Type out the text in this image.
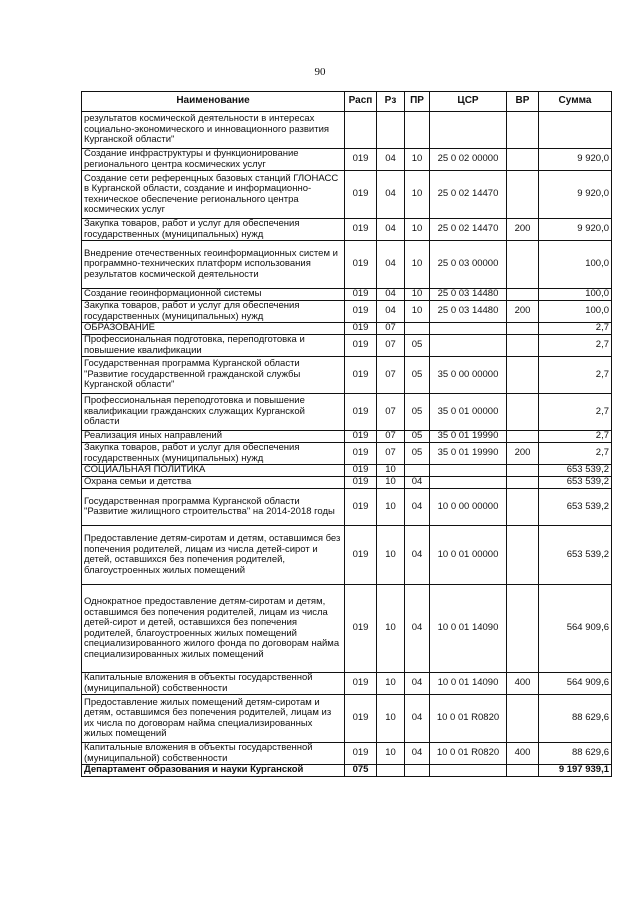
90
Наименование	Расп	Рз	ПР	ЦСР	ВР	Сумма
результатов космической деятельности в интересах социально-экономического и инновационного развития Курганской области"						
Создание инфраструктуры и функционирование регионального центра космических услуг	019	04	10	25 0 02 00000		9 920,0
Создание сети референцных базовых станций ГЛОНАСС в Курганской области, создание и информационно-техническое обеспечение регионального центра космических услуг	019	04	10	25 0 02 14470		9 920,0
Закупка товаров, работ и услуг для обеспечения государственных (муниципальных) нужд	019	04	10	25 0 02 14470	200	9 920,0
Внедрение отечественных геоинформационных систем и программно-технических платформ использования результатов космической деятельности	019	04	10	25 0 03 00000		100,0
Создание геоинформационной системы	019	04	10	25 0 03 14480		100,0
Закупка товаров, работ и услуг для обеспечения государственных (муниципальных) нужд	019	04	10	25 0 03 14480	200	100,0
ОБРАЗОВАНИЕ	019	07				2,7
Профессиональная подготовка, переподготовка и повышение квалификации	019	07	05			2,7
Государственная программа Курганской области "Развитие государственной гражданской службы Курганской области"	019	07	05	35 0 00 00000		2,7
Профессиональная переподготовка и повышение квалификации гражданских служащих Курганской области	019	07	05	35 0 01 00000		2,7
Реализация иных направлений	019	07	05	35 0 01 19990		2,7
Закупка товаров, работ и услуг для обеспечения государственных (муниципальных) нужд	019	07	05	35 0 01 19990	200	2,7
СОЦИАЛЬНАЯ ПОЛИТИКА	019	10				653 539,2
Охрана семьи и детства	019	10	04			653 539,2
Государственная программа Курганской области "Развитие жилищного строительства" на 2014-2018 годы	019	10	04	10 0 00 00000		653 539,2
Предоставление детям-сиротам и детям, оставшимся без попечения родителей, лицам из числа детей-сирот и детей, оставшихся без попечения родителей, благоустроенных жилых помещений	019	10	04	10 0 01 00000		653 539,2
Однократное предоставление детям-сиротам и детям, оставшимся без попечения родителей, лицам из числа детей-сирот и детей, оставшихся без попечения родителей, благоустроенных жилых помещений специализированного жилого фонда по договорам найма специализированных жилых помещений	019	10	04	10 0 01 14090		564 909,6
Капитальные вложения в объекты государственной (муниципальной) собственности	019	10	04	10 0 01 14090	400	564 909,6
Предоставление жилых помещений детям-сиротам и детям, оставшимся без попечения родителей, лицам из их числа по договорам найма специализированных жилых помещений	019	10	04	10 0 01 R0820		88 629,6
Капитальные вложения в объекты государственной (муниципальной) собственности	019	10	04	10 0 01 R0820	400	88 629,6
Департамент образования и науки Курганской	075					9 197 939,1
